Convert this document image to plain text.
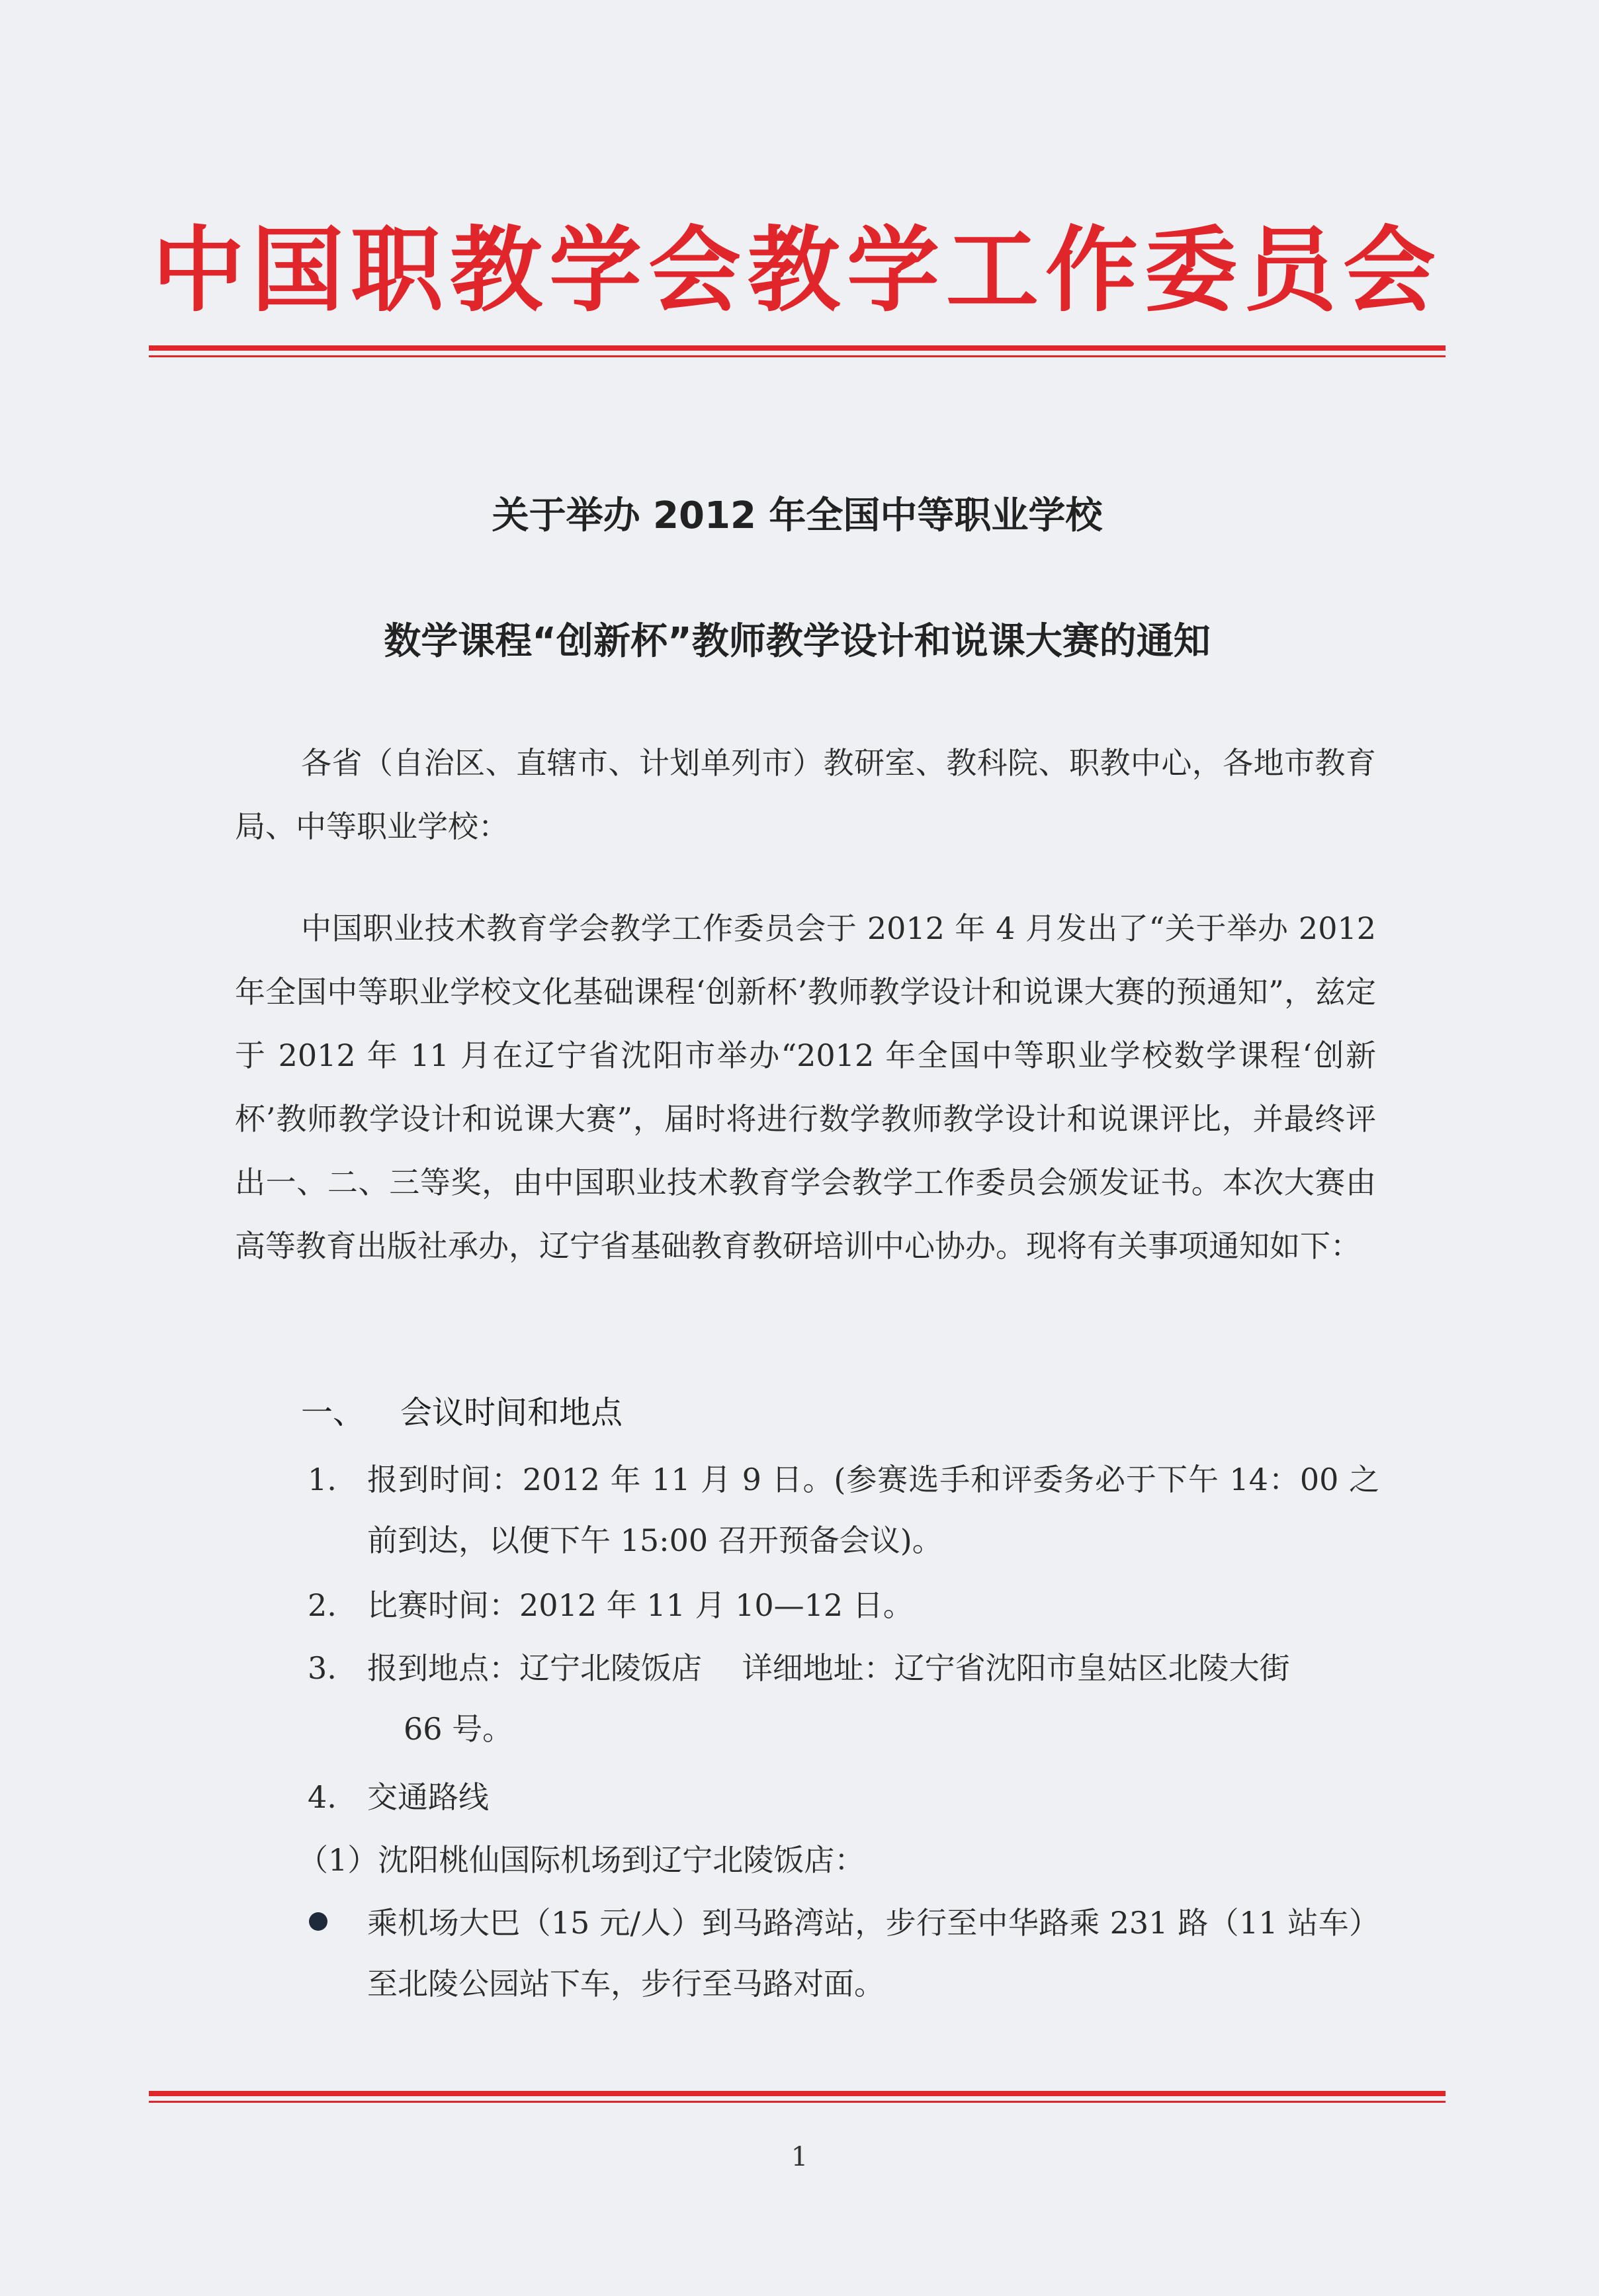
中国职教学会教学工作委员会
关于举办 2012 年全国中等职业学校
数学课程“创新杯”教师教学设计和说课大赛的通知
各省（自治区、直辖市、计划单列市）教研室、教科院、职教中心，各地市教育局、中等职业学校：
中国职业技术教育学会教学工作委员会于 2012 年 4 月发出了“关于举办 2012 年全国中等职业学校文化基础课程‘创新杯’教师教学设计和说课大赛的预通知”，兹定于 2012 年 11 月在辽宁省沈阳市举办“2012 年全国中等职业学校数学课程‘创新杯’教师教学设计和说课大赛”，届时将进行数学教师教学设计和说课评比，并最终评出一、二、三等奖，由中国职业技术教育学会教学工作委员会颁发证书。本次大赛由高等教育出版社承办，辽宁省基础教育教研培训中心协办。现将有关事项通知如下：
一、 会议时间和地点
1. 报到时间：2012 年 11 月 9 日。(参赛选手和评委务必于下午 14：00 之前到达，以便下午 15:00 召开预备会议)。
2. 比赛时间：2012 年 11 月 10—12 日。
3. 报到地点：辽宁北陵饭店　 详细地址：辽宁省沈阳市皇姑区北陵大街
66 号。
4. 交通路线
（1）沈阳桃仙国际机场到辽宁北陵饭店：
乘机场大巴（15 元/人）到马路湾站，步行至中华路乘 231 路（11 站车）至北陵公园站下车，步行至马路对面。
1
